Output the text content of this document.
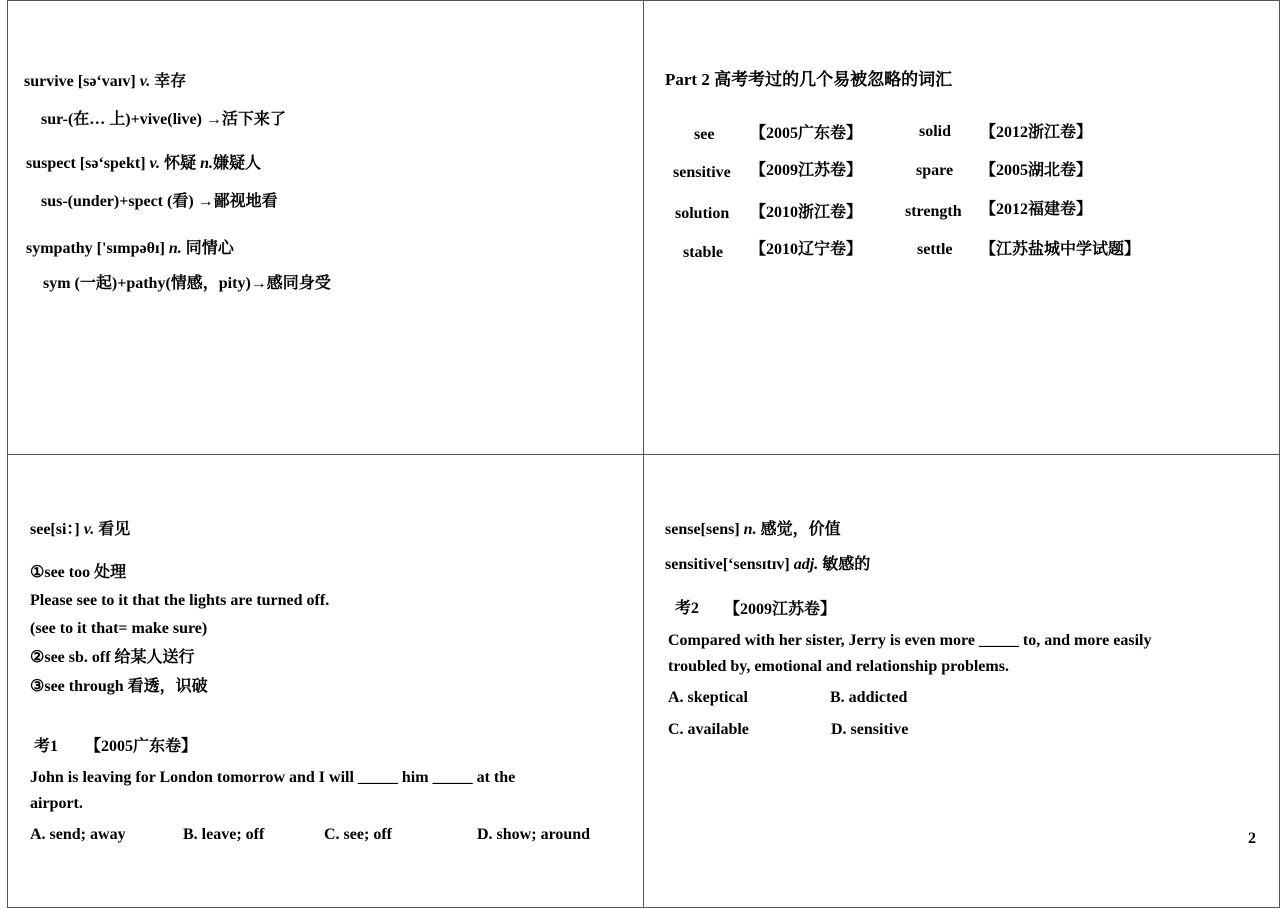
survive [sə‘vaɪv] v. 幸存
sur-(在… 上)+vive(live) →活下来了
suspect [sə‘spekt] v. 怀疑 n.嫌疑人
sus-(under)+spect (看) →鄙视地看
sympathy ['sɪmpəθɪ] n. 同情心
sym (一起)+pathy(情感，pity)→感同身受
Part 2 高考考过的几个易被忽略的词汇
see 【2005广东卷】	solid 【2012浙江卷】
sensitive 【2009江苏卷】	spare 【2005湖北卷】
solution 【2010浙江卷】	strength 【2012福建卷】
stable 【2010辽宁卷】	settle 【江苏盐城中学试题】
see[si：] v. 看见
①see too 处理
Please see to it that the lights are turned off.
(see to it that= make sure)
②see sb. off 给某人送行
③see through 看透，识破
考1 【2005广东卷】
John is leaving for London tomorrow and I will _____ him _____ at the
airport.
A. send; away	B. leave; off	C. see; off	D. show; around
sense[sens] n. 感觉，价值
sensitive[‘sensɪtɪv] adj. 敏感的
考2 【2009江苏卷】
Compared with her sister, Jerry is even more _____ to, and more easily
troubled by, emotional and relationship problems.
A. skeptical	B. addicted
C. available	D. sensitive
2
